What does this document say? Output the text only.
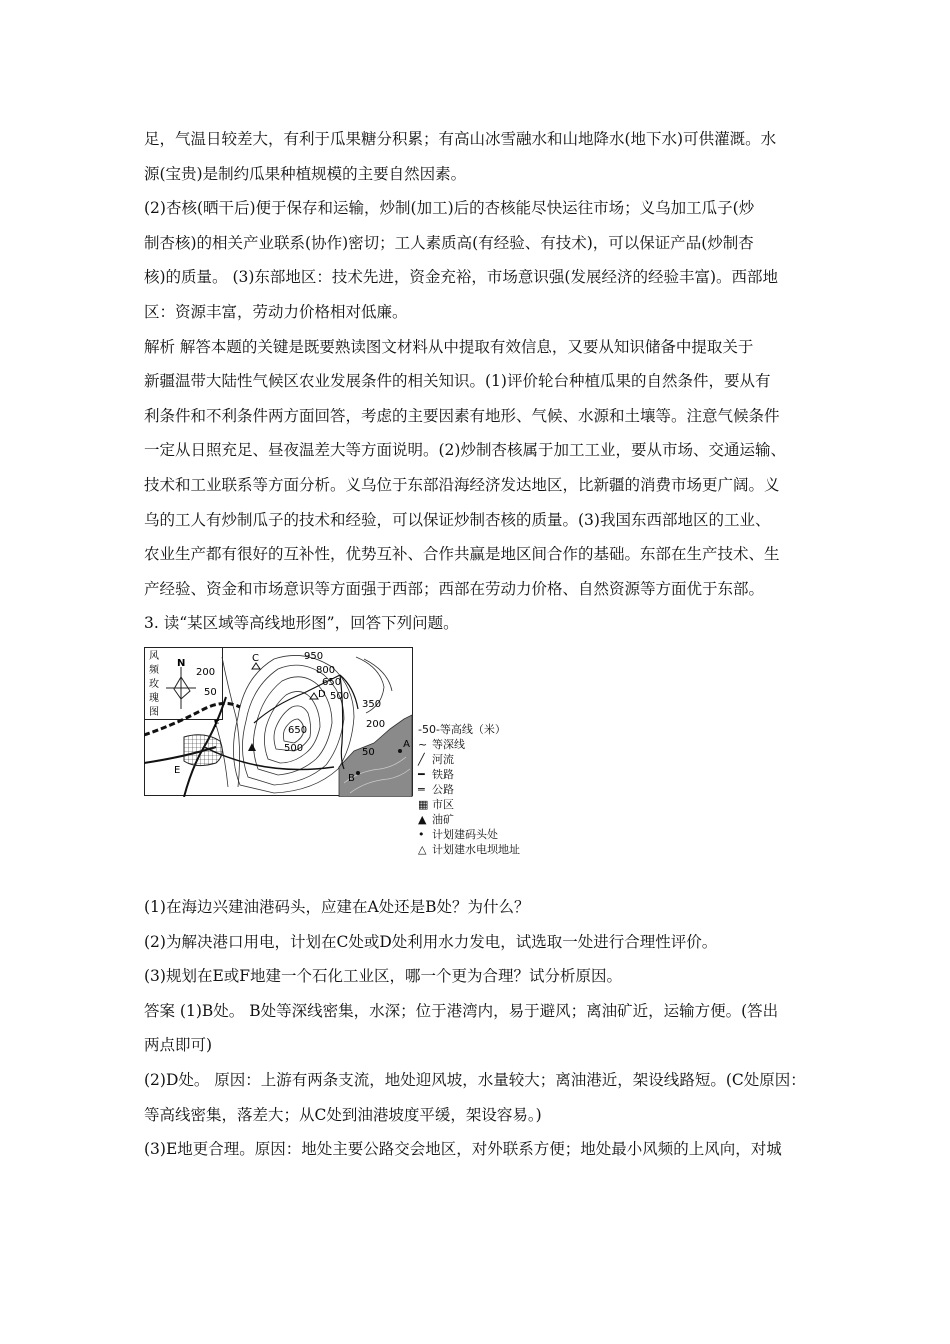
足，气温日较差大，有利于瓜果糖分积累；有高山冰雪融水和山地降水(地下水)可供灌溉。水
源(宝贵)是制约瓜果种植规模的主要自然因素。
(2)杏核(晒干后)便于保存和运输，炒制(加工)后的杏核能尽快运往市场；义乌加工瓜子(炒
制杏核)的相关产业联系(协作)密切；工人素质高(有经验、有技术)，可以保证产品(炒制杏
核)的质量。 (3)东部地区：技术先进，资金充裕，市场意识强(发展经济的经验丰富)。西部地
区：资源丰富，劳动力价格相对低廉。
解析 解答本题的关键是既要熟读图文材料从中提取有效信息，又要从知识储备中提取关于
新疆温带大陆性气候区农业发展条件的相关知识。(1)评价轮台种植瓜果的自然条件，要从有
利条件和不利条件两方面回答，考虑的主要因素有地形、气候、水源和土壤等。注意气候条件
一定从日照充足、昼夜温差大等方面说明。(2)炒制杏核属于加工工业，要从市场、交通运输、
技术和工业联系等方面分析。义乌位于东部沿海经济发达地区，比新疆的消费市场更广阔。义
乌的工人有炒制瓜子的技术和经验，可以保证炒制杏核的质量。(3)我国东西部地区的工业、
农业生产都有很好的互补性，优势互补、合作共赢是地区间合作的基础。东部在生产技术、生
产经验、资金和市场意识等方面强于西部；西部在劳动力价格、自然资源等方面优于东部。
3. 读“某区域等高线地形图”，回答下列问题。
风
频
玫
瑰
图
N
200
50
950
800
650
500
650
500
350
200
50
A
B
C
D
E
F	-50-等高线（米）
~ 等深线
╱ 河流
━ 铁路
═ 公路
▦ 市区
▲ 油矿
• 计划建码头处
△ 计划建水电坝地址
(1)在海边兴建油港码头，应建在A处还是B处？为什么？
(2)为解决港口用电，计划在C处或D处利用水力发电，试选取一处进行合理性评价。
(3)规划在E或F地建一个石化工业区，哪一个更为合理？试分析原因。
答案 (1)B处。 B处等深线密集，水深；位于港湾内，易于避风；离油矿近，运输方便。(答出
两点即可)
(2)D处。 原因：上游有两条支流，地处迎风坡，水量较大；离油港近，架设线路短。(C处原因：
等高线密集，落差大；从C处到油港坡度平缓，架设容易。)
(3)E地更合理。原因：地处主要公路交会地区，对外联系方便；地处最小风频的上风向，对城
